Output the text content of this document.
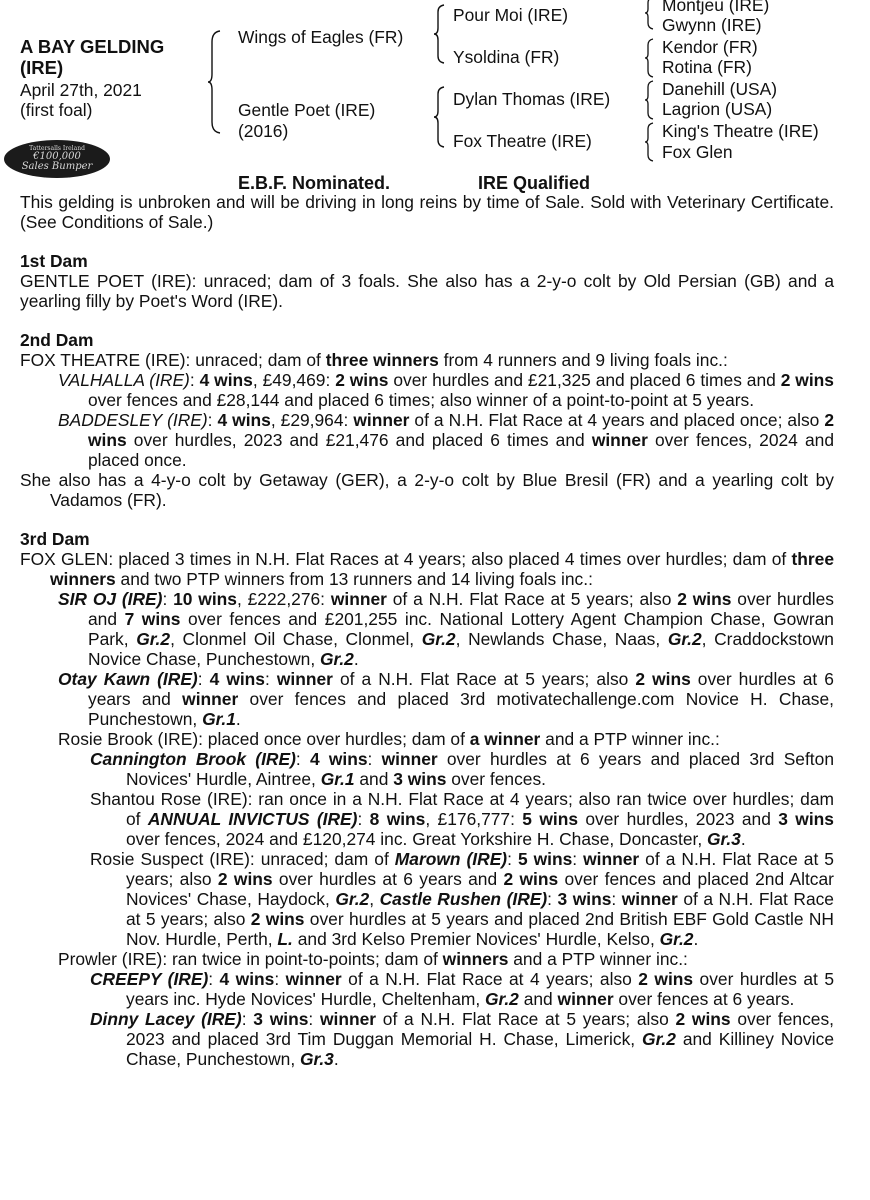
A BAY GELDING
(IRE)
April 27th, 2021
(first foal)
Wings of Eagles (FR)
Gentle Poet (IRE)
(2016)
Pour Moi (IRE)
Ysoldina (FR)
Dylan Thomas (IRE)
Fox Theatre (IRE)
Montjeu (IRE)
Gwynn (IRE)
Kendor (FR)
Rotina (FR)
Danehill (USA)
Lagrion (USA)
King's Theatre (IRE)
Fox Glen
Tattersalls Ireland
€100,000
Sales Bumper
E.B.F. Nominated.	IRE Qualified

This gelding is unbroken and will be driving in long reins by time of Sale. Sold with Veterinary Certificate. (See Conditions of Sale.)

1st Dam

GENTLE POET (IRE): unraced; dam of 3 foals. She also has a 2-y-o colt by Old Persian (GB) and a yearling filly by Poet's Word (IRE).

2nd Dam

FOX THEATRE (IRE): unraced; dam of three winners from 4 runners and 9 living foals inc.:

VALHALLA (IRE): 4 wins, £49,469: 2 wins over hurdles and £21,325 and placed 6 times and 2 wins over fences and £28,144 and placed 6 times; also winner of a point-to-point at 5 years.

BADDESLEY (IRE): 4 wins, £29,964: winner of a N.H. Flat Race at 4 years and placed once; also 2 wins over hurdles, 2023 and £21,476 and placed 6 times and winner over fences, 2024 and placed once.

She also has a 4-y-o colt by Getaway (GER), a 2-y-o colt by Blue Bresil (FR) and a yearling colt by Vadamos (FR).

3rd Dam

FOX GLEN: placed 3 times in N.H. Flat Races at 4 years; also placed 4 times over hurdles; dam of three winners and two PTP winners from 13 runners and 14 living foals inc.:

SIR OJ (IRE): 10 wins, £222,276: winner of a N.H. Flat Race at 5 years; also 2 wins over hurdles and 7 wins over fences and £201,255 inc. National Lottery Agent Champion Chase, Gowran Park, Gr.2, Clonmel Oil Chase, Clonmel, Gr.2, Newlands Chase, Naas, Gr.2, Craddockstown Novice Chase, Punchestown, Gr.2.

Otay Kawn (IRE): 4 wins: winner of a N.H. Flat Race at 5 years; also 2 wins over hurdles at 6 years and winner over fences and placed 3rd motivatechallenge.com Novice H. Chase, Punchestown, Gr.1.

Rosie Brook (IRE): placed once over hurdles; dam of a winner and a PTP winner inc.:

Cannington Brook (IRE): 4 wins: winner over hurdles at 6 years and placed 3rd Sefton Novices' Hurdle, Aintree, Gr.1 and 3 wins over fences.

Shantou Rose (IRE): ran once in a N.H. Flat Race at 4 years; also ran twice over hurdles; dam of ANNUAL INVICTUS (IRE): 8 wins, £176,777: 5 wins over hurdles, 2023 and 3 wins over fences, 2024 and £120,274 inc. Great Yorkshire H. Chase, Doncaster, Gr.3.

Rosie Suspect (IRE): unraced; dam of Marown (IRE): 5 wins: winner of a N.H. Flat Race at 5 years; also 2 wins over hurdles at 6 years and 2 wins over fences and placed 2nd Altcar Novices' Chase, Haydock, Gr.2, Castle Rushen (IRE): 3 wins: winner of a N.H. Flat Race at 5 years; also 2 wins over hurdles at 5 years and placed 2nd British EBF Gold Castle NH Nov. Hurdle, Perth, L. and 3rd Kelso Premier Novices' Hurdle, Kelso, Gr.2.

Prowler (IRE): ran twice in point-to-points; dam of winners and a PTP winner inc.:

CREEPY (IRE): 4 wins: winner of a N.H. Flat Race at 4 years; also 2 wins over hurdles at 5 years inc. Hyde Novices' Hurdle, Cheltenham, Gr.2 and winner over fences at 6 years.

Dinny Lacey (IRE): 3 wins: winner of a N.H. Flat Race at 5 years; also 2 wins over fences, 2023 and placed 3rd Tim Duggan Memorial H. Chase, Limerick, Gr.2 and Killiney Novice Chase, Punchestown, Gr.3.
